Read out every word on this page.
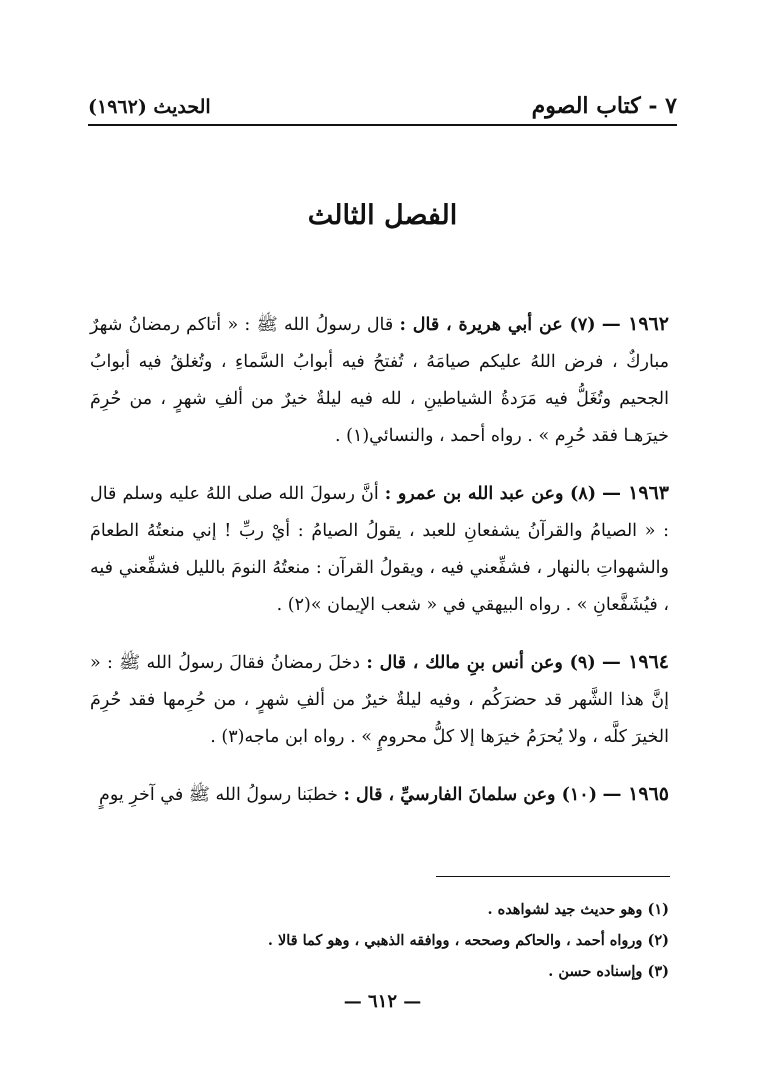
٧ - كتاب الصوم
الحديث (١٩٦٢)
الفصل الثالث

١٩٦٢ — (٧) عن أبي هريرة ، قال : قال رسولُ الله ﷺ : « أتاكم رمضانُ شهرٌ مباركٌ ، فرض اللهُ عليكم صيامَهُ ، تُفتحُ فيه أبوابُ السَّماءِ ، وتُغلقُ فيه أبوابُ الجحيم وتُغَلُّ فيه مَرَدةُ الشياطينِ ، لله فيه ليلةٌ خيرٌ من ألفِ شهرٍ ، من حُرِمَ خيرَهـا فقد حُرِم » . رواه أحمد ، والنسائي(١) .

١٩٦٣ — (٨) وعن عبد الله بن عمرو : أنَّ رسولَ الله صلى اللهُ عليه وسلم قال : « الصيامُ والقرآنُ يشفعانِ للعبد ، يقولُ الصيامُ : أيْ ربِّ ! إني منعتُهُ الطعامَ والشهواتِ بالنهار ، فشفِّعني فيه ، ويقولُ القرآن : منعتُهُ النومَ بالليل فشفِّعني فيه ، فيُشَفَّعانِ » . رواه البيهقي في « شعب الإيمان »(٢) .

١٩٦٤ — (٩) وعن أنس بنِ مالك ، قال : دخلَ رمضانُ فقالَ رسولُ الله ﷺ : « إنَّ هذا الشَّهر قد حضرَكُم ، وفيه ليلةٌ خيرٌ من ألفِ شهرٍ ، من حُرِمها فقد حُرِمَ الخيرَ كلَّه ، ولا يُحرَمُ خيرَها إلا كلُّ محرومٍ » . رواه ابن ماجه(٣) .

١٩٦٥ — (١٠) وعن سلمانَ الفارسيِّ ، قال : خطبَنا رسولُ الله ﷺ في آخرِ يومٍ

(١) وهو حديث جيد لشواهده .
(٢) ورواه أحمد ، والحاكم وصححه ، ووافقه الذهبي ، وهو كما قالا .
(٣) وإسناده حسن .
— ٦١٢ —
